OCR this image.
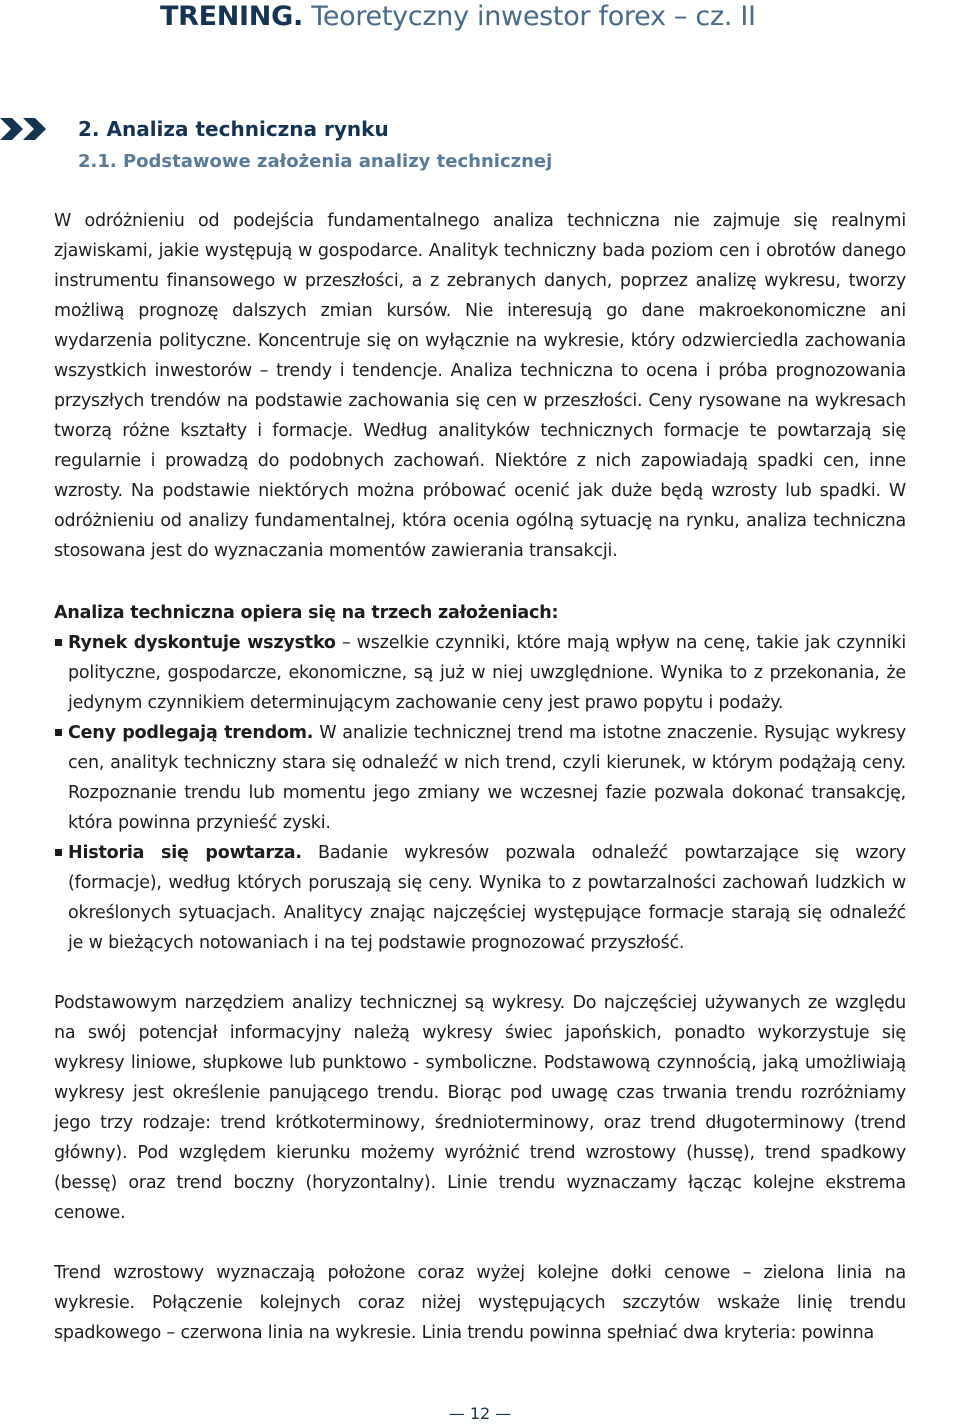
TRENING. Teoretyczny inwestor forex – cz. II
2. Analiza techniczna rynku
2.1. Podstawowe założenia analizy technicznej
W odróżnieniu od podejścia fundamentalnego analiza techniczna nie zajmuje się realnymi zjawiskami, jakie występują w gospodarce. Analityk techniczny bada poziom cen i obrotów danego instrumentu finansowego w przeszłości, a z zebranych danych, poprzez analizę wykresu, tworzy możliwą prognozę dalszych zmian kursów. Nie interesują go dane makroekonomiczne ani wydarzenia polityczne. Koncentruje się on wyłącznie na wykresie, który odzwierciedla zachowania wszystkich inwestorów – trendy i tendencje. Analiza techniczna to ocena i próba prognozowania przyszłych trendów na podstawie zachowania się cen w przeszłości. Ceny rysowane na wykresach tworzą różne kształty i formacje. Według analityków technicznych formacje te powtarzają się regularnie i prowadzą do podobnych zachowań. Niektóre z nich zapowiadają spadki cen, inne wzrosty. Na podstawie niektórych można próbować ocenić jak duże będą wzrosty lub spadki. W odróżnieniu od analizy fundamentalnej, która ocenia ogólną sytuację na rynku, analiza techniczna stosowana jest do wyznaczania momentów zawierania transakcji.
Analiza techniczna opiera się na trzech założeniach:
Rynek dyskontuje wszystko – wszelkie czynniki, które mają wpływ na cenę, takie jak czynniki polityczne, gospodarcze, ekonomiczne, są już w niej uwzględnione. Wynika to z przekonania, że jedynym czynnikiem determinującym zachowanie ceny jest prawo popytu i podaży.
Ceny podlegają trendom. W analizie technicznej trend ma istotne znaczenie. Rysując wykresy cen, analityk techniczny stara się odnaleźć w nich trend, czyli kierunek, w którym podążają ceny. Rozpoznanie trendu lub momentu jego zmiany we wczesnej fazie pozwala dokonać transakcję, która powinna przynieść zyski.
Historia się powtarza. Badanie wykresów pozwala odnaleźć powtarzające się wzory (formacje), według których poruszają się ceny. Wynika to z powtarzalności zachowań ludzkich w określonych sytuacjach. Analitycy znając najczęściej występujące formacje starają się odnaleźć je w bieżących notowaniach i na tej podstawie prognozować przyszłość.
Podstawowym narzędziem analizy technicznej są wykresy. Do najczęściej używanych ze względu na swój potencjał informacyjny należą wykresy świec japońskich, ponadto wykorzystuje się wykresy liniowe, słupkowe lub punktowo - symboliczne. Podstawową czynnością, jaką umożliwiają wykresy jest określenie panującego trendu. Biorąc pod uwagę czas trwania trendu rozróżniamy jego trzy rodzaje: trend krótkoterminowy, średnioterminowy, oraz trend długoterminowy (trend główny). Pod względem kierunku możemy wyróżnić trend wzrostowy (hussę), trend spadkowy (bessę) oraz trend boczny (horyzontalny). Linie trendu wyznaczamy łącząc kolejne ekstrema cenowe.
Trend wzrostowy wyznaczają położone coraz wyżej kolejne dołki cenowe – zielona linia na wykresie. Połączenie kolejnych coraz niżej występujących szczytów wskaże linię trendu spadkowego – czerwona linia na wykresie. Linia trendu powinna spełniać dwa kryteria: powinna
— 12 —
